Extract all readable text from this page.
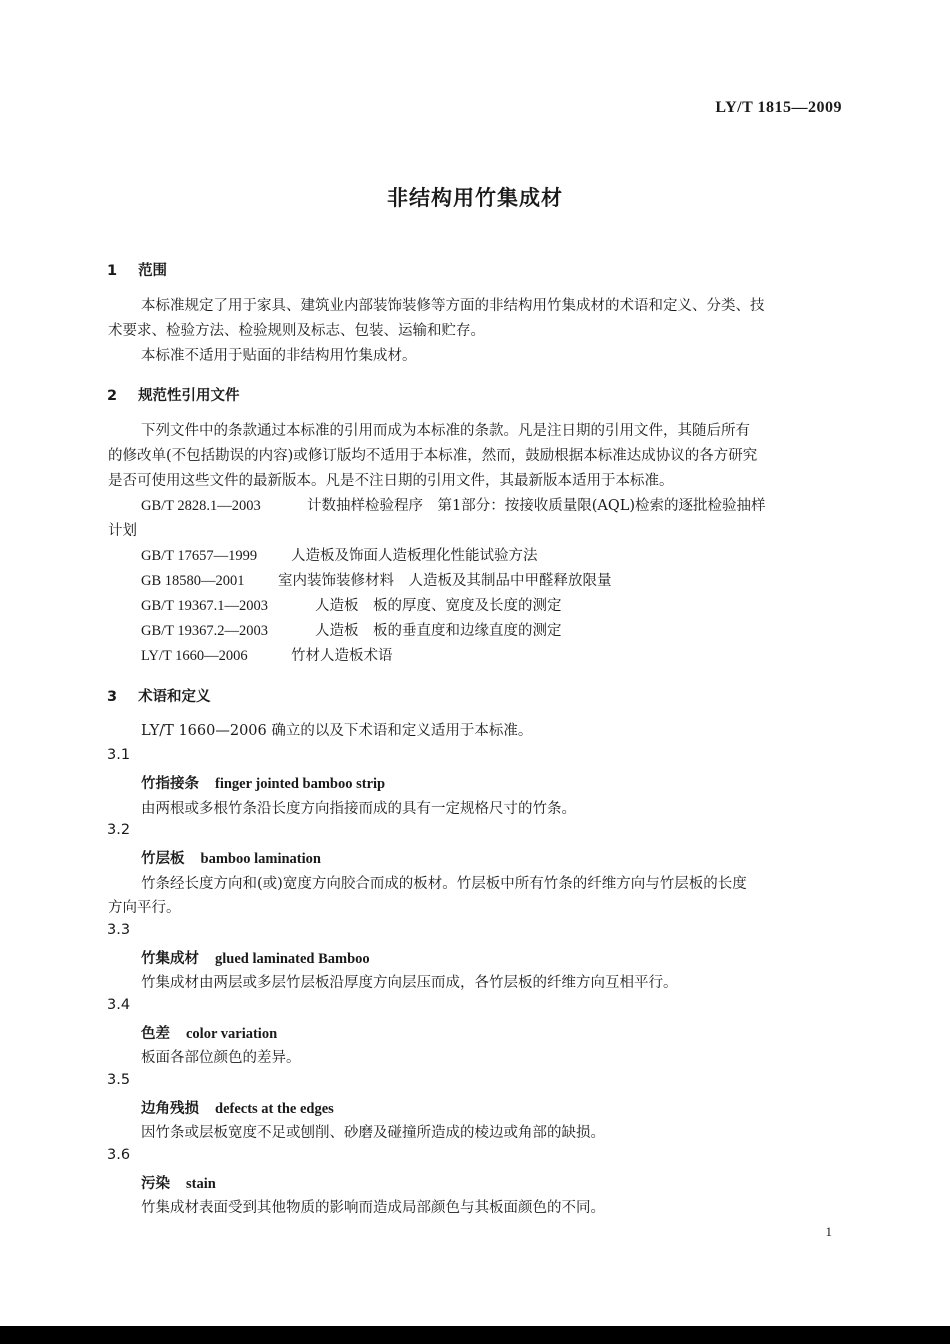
LY/T 1815—2009
非结构用竹集成材
1 范围
本标准规定了用于家具、建筑业内部装饰装修等方面的非结构用竹集成材的术语和定义、分类、技
术要求、检验方法、检验规则及标志、包装、运输和贮存。
本标准不适用于贴面的非结构用竹集成材。
2 规范性引用文件
下列文件中的条款通过本标准的引用而成为本标准的条款。凡是注日期的引用文件，其随后所有
的修改单(不包括勘误的内容)或修订版均不适用于本标准，然而，鼓励根据本标准达成协议的各方研究
是否可使用这些文件的最新版本。凡是不注日期的引用文件，其最新版本适用于本标准。
GB/T 2828.1—2003	计数抽样检验程序　第1部分：按接收质量限(AQL)检索的逐批检验抽样
计划
GB/T 17657—1999 人造板及饰面人造板理化性能试验方法
GB 18580—2001 室内装饰装修材料　人造板及其制品中甲醛释放限量
GB/T 19367.1—2003	人造板　板的厚度、宽度及长度的测定
GB/T 19367.2—2003	人造板　板的垂直度和边缘直度的测定
LY/T 1660—2006	竹材人造板术语
3 术语和定义
LY/T 1660—2006 确立的以及下术语和定义适用于本标准。
3.1
竹指接条 finger jointed bamboo strip
由两根或多根竹条沿长度方向指接而成的具有一定规格尺寸的竹条。
3.2
竹层板 bamboo lamination
竹条经长度方向和(或)宽度方向胶合而成的板材。竹层板中所有竹条的纤维方向与竹层板的长度
方向平行。
3.3
竹集成材 glued laminated Bamboo
竹集成材由两层或多层竹层板沿厚度方向层压而成，各竹层板的纤维方向互相平行。
3.4
色差 color variation
板面各部位颜色的差异。
3.5
边角残损 defects at the edges
因竹条或层板宽度不足或刨削、砂磨及碰撞所造成的棱边或角部的缺损。
3.6
污染 stain
竹集成材表面受到其他物质的影响而造成局部颜色与其板面颜色的不同。
1
